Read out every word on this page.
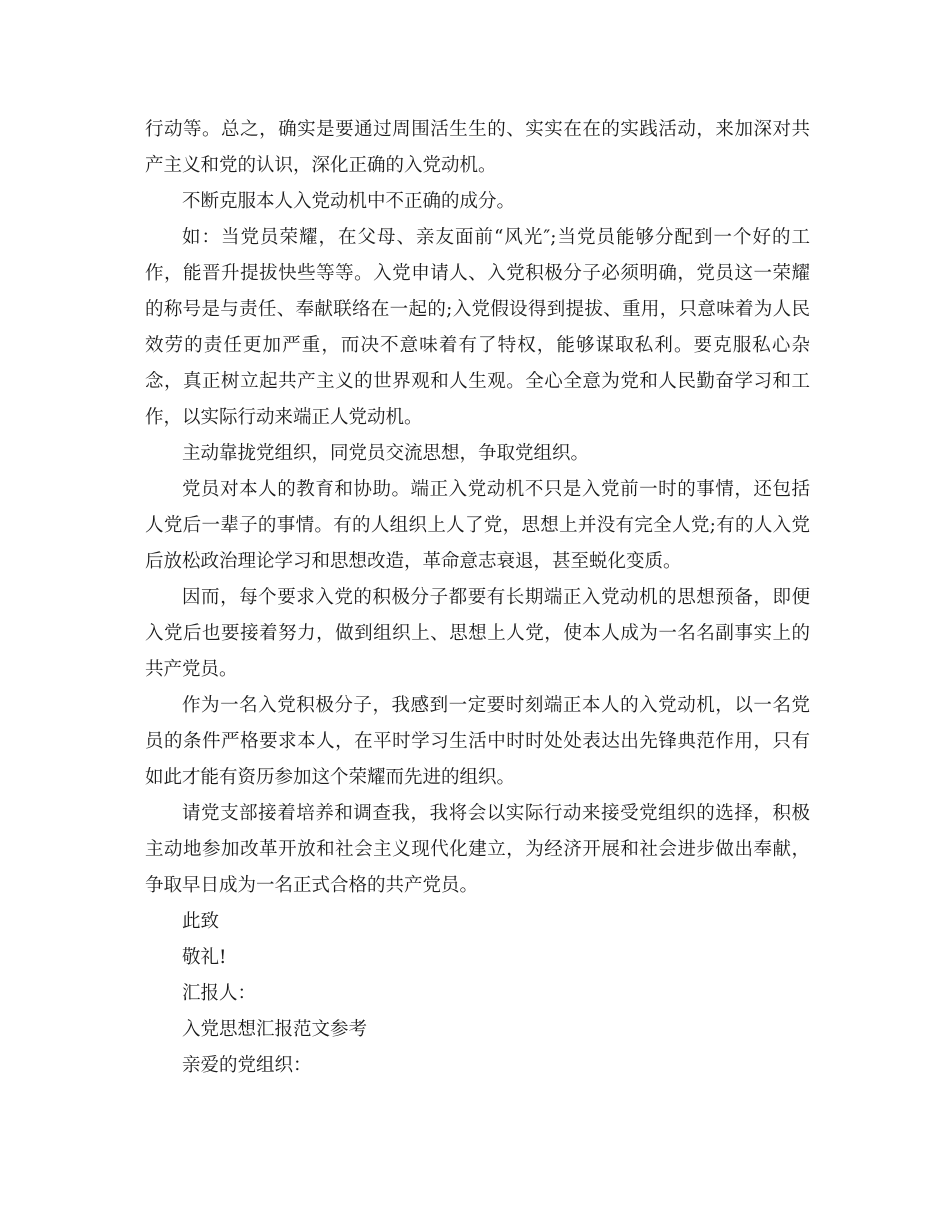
行动等。总之，确实是要通过周围活生生的、实实在在的实践活动，来加深对共产主义和党的认识，深化正确的入党动机。

不断克服本人入党动机中不正确的成分。

如：当党员荣耀，在父母、亲友面前“风光″;当党员能够分配到一个好的工作，能晋升提拔快些等等。入党申请人、入党积极分子必须明确，党员这一荣耀的称号是与责任、奉献联络在一起的;入党假设得到提拔、重用，只意味着为人民效劳的责任更加严重，而决不意味着有了特权，能够谋取私利。要克服私心杂念，真正树立起共产主义的世界观和人生观。全心全意为党和人民勤奋学习和工作，以实际行动来端正人党动机。

主动靠拢党组织，同党员交流思想，争取党组织。

党员对本人的教育和协助。端正入党动机不只是入党前一时的事情，还包括人党后一辈子的事情。有的人组织上人了党，思想上并没有完全人党;有的人入党后放松政治理论学习和思想改造，革命意志衰退，甚至蜕化变质。

因而，每个要求入党的积极分子都要有长期端正入党动机的思想预备，即便入党后也要接着努力，做到组织上、思想上人党，使本人成为一名名副事实上的共产党员。

作为一名入党积极分子，我感到一定要时刻端正本人的入党动机，以一名党员的条件严格要求本人，在平时学习生活中时时处处表达出先锋典范作用，只有如此才能有资历参加这个荣耀而先进的组织。

请党支部接着培养和调查我，我将会以实际行动来接受党组织的选择，积极主动地参加改革开放和社会主义现代化建立，为经济开展和社会进步做出奉献，争取早日成为一名正式合格的共产党员。

此致

敬礼!

汇报人：

入党思想汇报范文参考

亲爱的党组织：
